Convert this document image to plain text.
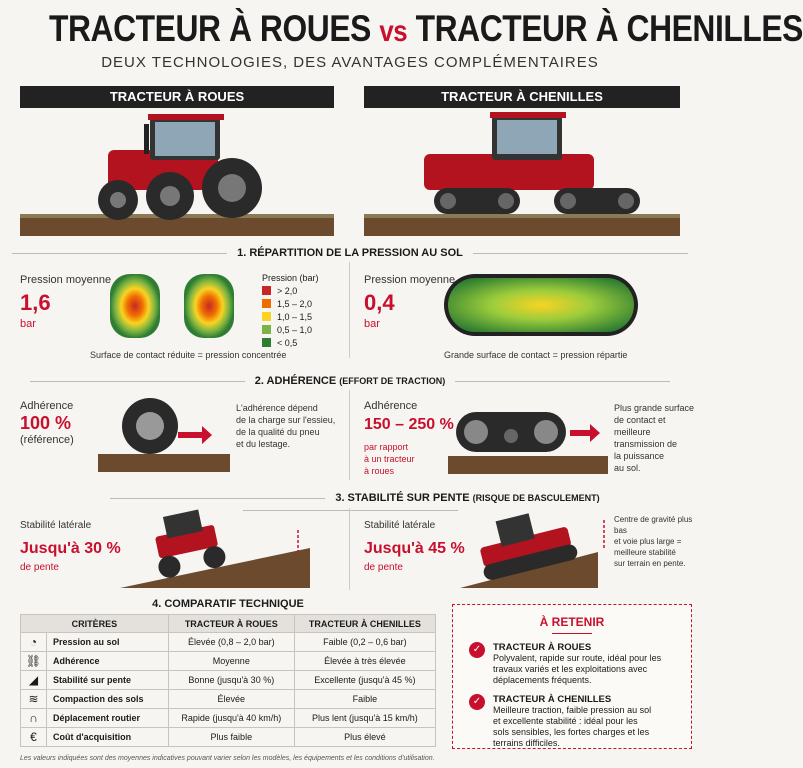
TRACTEUR À ROUES vs TRACTEUR À CHENILLES
DEUX TECHNOLOGIES, DES AVANTAGES COMPLÉMENTAIRES
TRACTEUR À ROUES	TRACTEUR À CHENILLES
1. RÉPARTITION DE LA PRESSION AU SOL
Pression moyenne
1,6
bar
Pression (bar)
> 2,0
1,5 – 2,0
1,0 – 1,5
0,5 – 1,0
< 0,5
Surface de contact réduite = pression concentrée
Pression moyenne
0,4
bar
Grande surface de contact = pression répartie
2. ADHÉRENCE (EFFORT DE TRACTION)
Adhérence
100 %
(référence)
L'adhérence dépend
de la charge sur l'essieu,
de la qualité du pneu
et du lestage.
Adhérence
150 – 250 %
par rapport
à un tracteur
à roues
Plus grande surface
de contact et meilleure
transmission de
la puissance
au sol.
3. STABILITÉ SUR PENTE (RISQUE DE BASCULEMENT)
Stabilité latérale
Jusqu'à 30 %
de pente
Stabilité latérale
Jusqu'à 45 %
de pente
Centre de gravité plus bas
et voie plus large =
meilleure stabilité
sur terrain en pente.
4. COMPARATIF TECHNIQUE
CRITÈRES		TRACTEUR À ROUES	TRACTEUR À CHENILLES
◔	Pression au sol	Élevée (0,8 – 2,0 bar)	Faible (0,2 – 0,6 bar)
⛓	Adhérence	Moyenne	Élevée à très élevée
◢	Stabilité sur pente	Bonne (jusqu'à 30 %)	Excellente (jusqu'à 45 %)
≋	Compaction des sols	Élevée	Faible
∩	Déplacement routier	Rapide (jusqu'à 40 km/h)	Plus lent (jusqu'à 15 km/h)
€	Coût d'acquisition	Plus faible	Plus élevé
À RETENIR
✓	TRACTEUR À ROUES
Polyvalent, rapide sur route, idéal pour les
travaux variés et les exploitations avec
déplacements fréquents.
✓	TRACTEUR À CHENILLES
Meilleure traction, faible pression au sol
et excellente stabilité : idéal pour les
sols sensibles, les fortes charges et les
terrains difficiles.
Les valeurs indiquées sont des moyennes indicatives pouvant varier selon les modèles, les équipements et les conditions d'utilisation.
